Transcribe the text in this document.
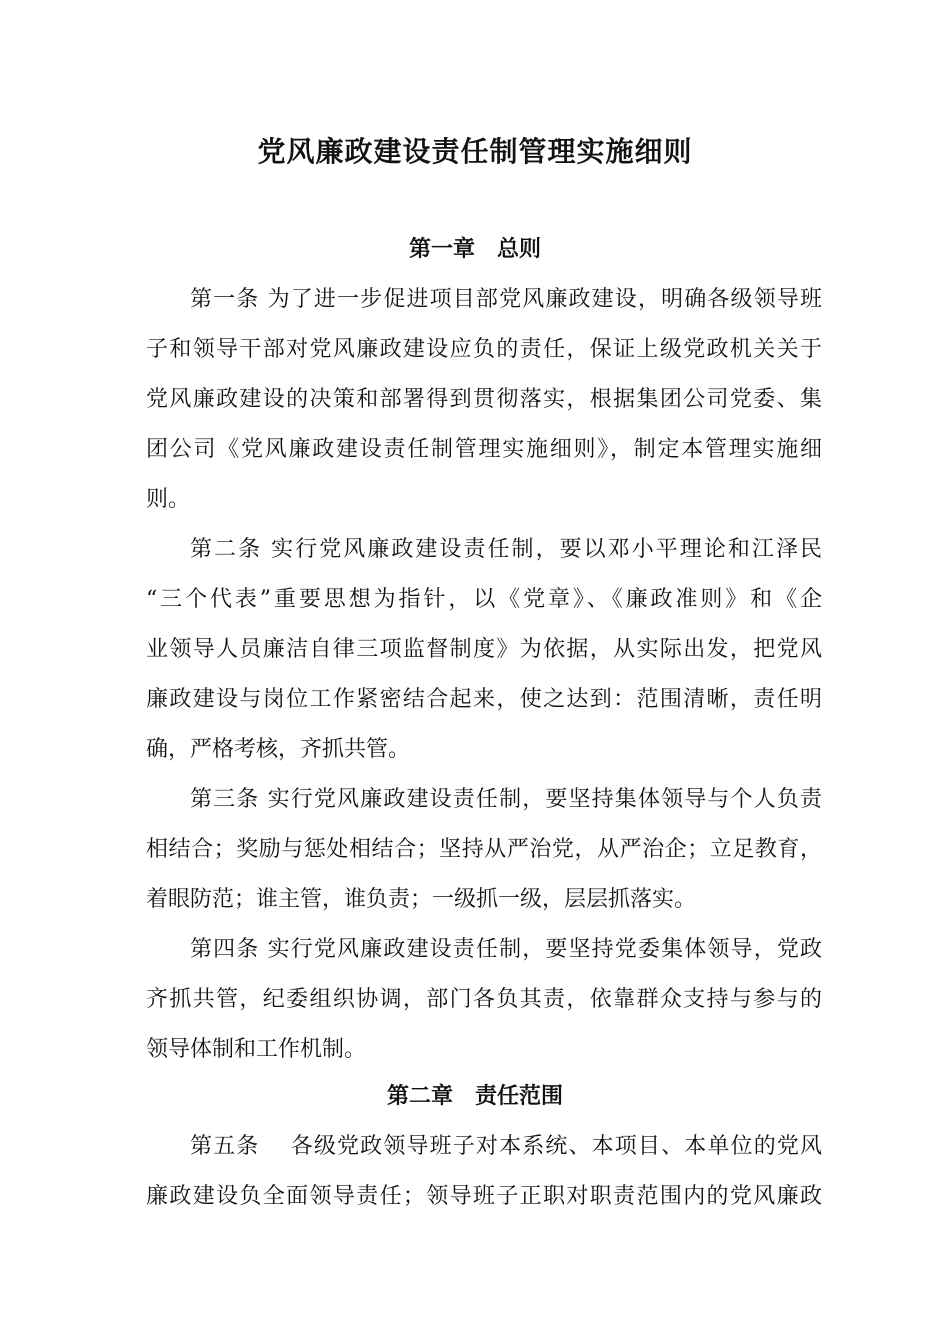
党风廉政建设责任制管理实施细则
第一章　总则
第一条 为了进一步促进项目部党风廉政建设，明确各级领导班
子和领导干部对党风廉政建设应负的责任，保证上级党政机关关于
党风廉政建设的决策和部署得到贯彻落实，根据集团公司党委、集
团公司《党风廉政建设责任制管理实施细则》，制定本管理实施细
则。
第二条 实行党风廉政建设责任制，要以邓小平理论和江泽民
“三个代表”重要思想为指针，以《党章》、《廉政准则》和《企
业领导人员廉洁自律三项监督制度》为依据，从实际出发，把党风
廉政建设与岗位工作紧密结合起来，使之达到：范围清晰，责任明
确，严格考核，齐抓共管。
第三条 实行党风廉政建设责任制，要坚持集体领导与个人负责
相结合；奖励与惩处相结合；坚持从严治党，从严治企；立足教育，
着眼防范；谁主管，谁负责；一级抓一级，层层抓落实。
第四条 实行党风廉政建设责任制，要坚持党委集体领导，党政
齐抓共管，纪委组织协调，部门各负其责，依靠群众支持与参与的
领导体制和工作机制。
第二章　责任范围
第五条　 各级党政领导班子对本系统、本项目、本单位的党风
廉政建设负全面领导责任；领导班子正职对职责范围内的党风廉政
